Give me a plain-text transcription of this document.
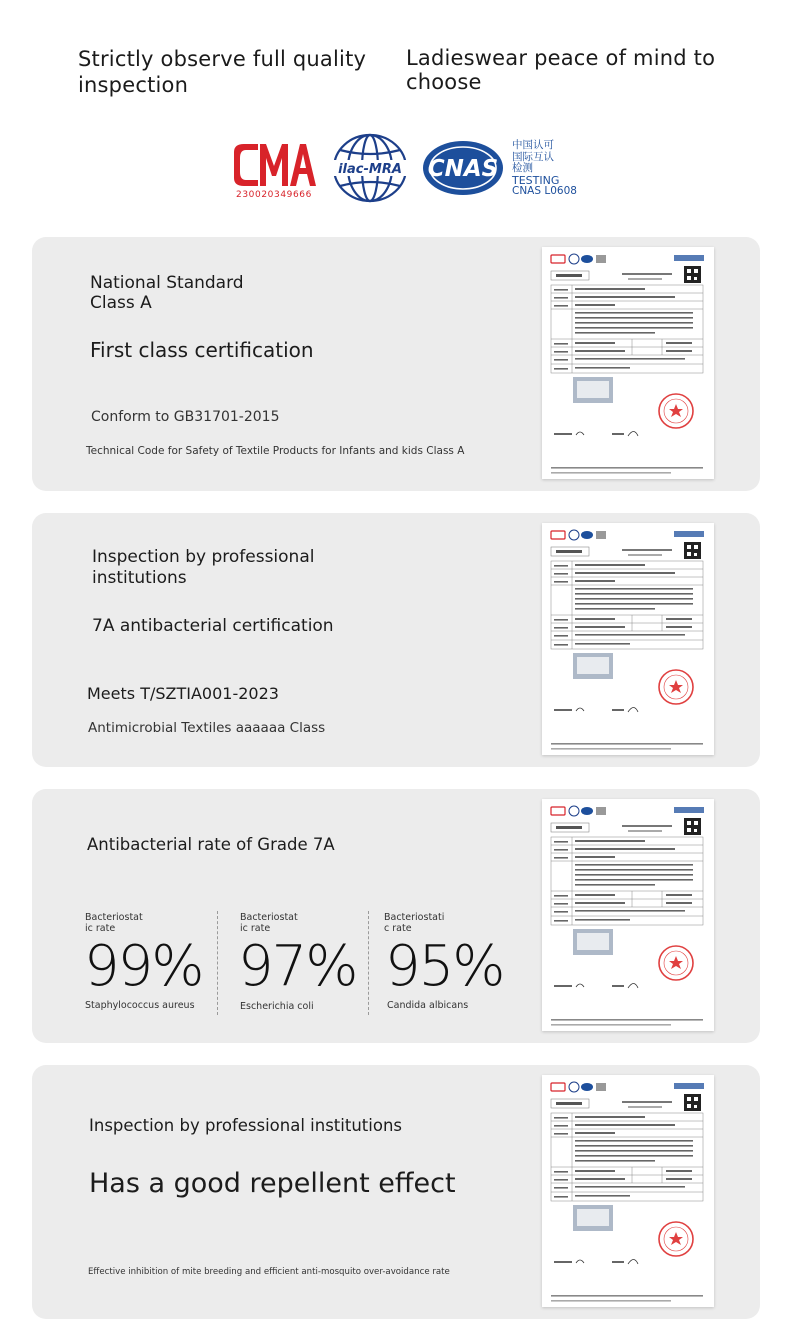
Strictly observe full quality inspection
Ladieswear peace of mind to choose
230020349666
ilac-MRA CNAS
中国认可
国际互认
检测
TESTING
CNAS L0608
National Standard
Class A
First class certification
Conform to GB31701-2015
Technical Code for Safety of Textile Products for Infants and kids Class A
Inspection by professional
institutions
7A antibacterial certification
Meets T/SZTIA001-2023
Antimicrobial Textiles aaaaaa Class
Antibacterial rate of Grade 7A
Bacteriostat
ic rate
99%
Staphylococcus aureus
Bacteriostat
ic rate
97%
Escherichia coli
Bacteriostati
c rate
95%
Candida albicans
Inspection by professional institutions
Has a good repellent effect
Effective inhibition of mite breeding and efficient anti-mosquito over-avoidance rate
